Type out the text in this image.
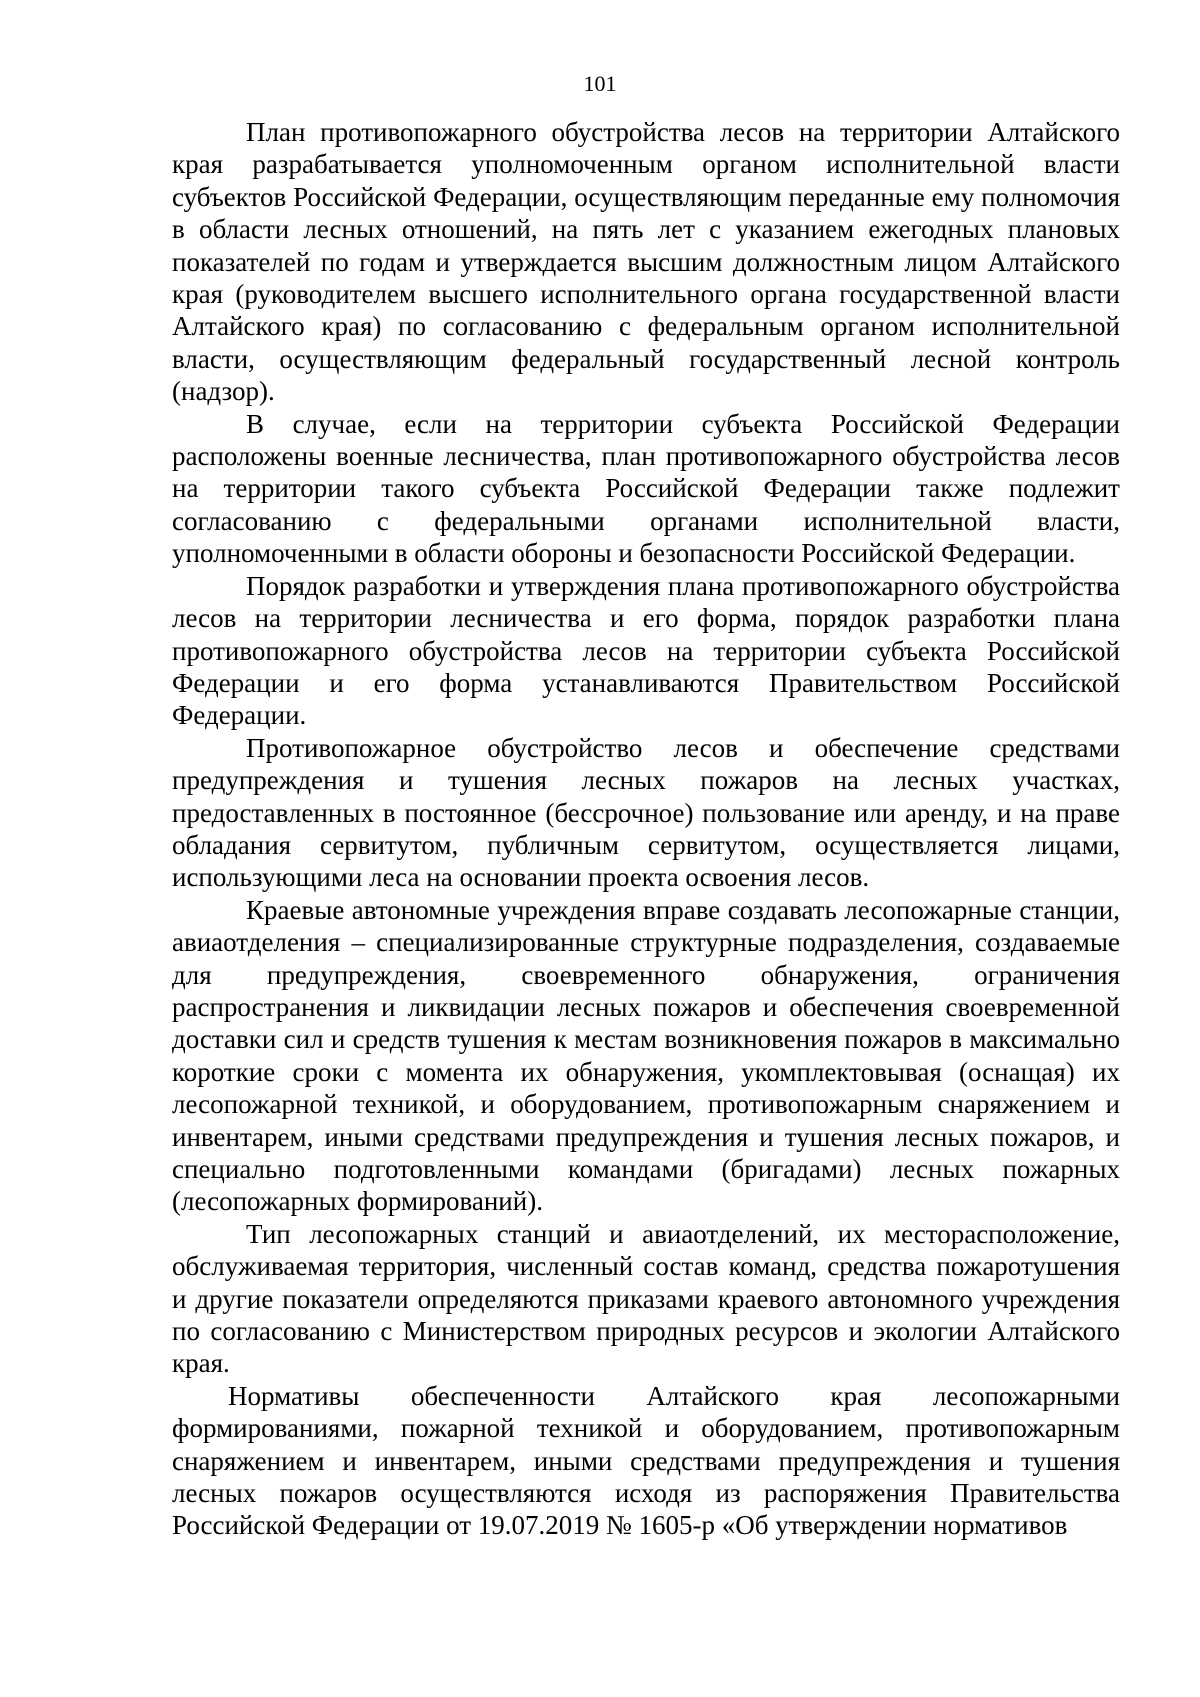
101

План противопожарного обустройства лесов на территории Алтайского края разрабатывается уполномоченным органом исполнительной власти субъектов Российской Федерации, осуществляющим переданные ему полномочия в области лесных отношений, на пять лет с указанием ежегодных плановых показателей по годам и утверждается высшим должностным лицом Алтайского края (руководителем высшего исполнительного органа государственной власти Алтайского края) по согласованию с федеральным органом исполнительной власти, осуществляющим федеральный государственный лесной контроль (надзор).

В случае, если на территории субъекта Российской Федерации расположены военные лесничества, план противопожарного обустройства лесов на территории такого субъекта Российской Федерации также подлежит согласованию с федеральными органами исполнительной власти, уполномоченными в области обороны и безопасности Российской Федерации.

Порядок разработки и утверждения плана противопожарного обустройства лесов на территории лесничества и его форма, порядок разработки плана противопожарного обустройства лесов на территории субъекта Российской Федерации и его форма устанавливаются Правительством Российской Федерации.

Противопожарное обустройство лесов и обеспечение средствами предупреждения и тушения лесных пожаров на лесных участках, предоставленных в постоянное (бессрочное) пользование или аренду, и на праве обладания сервитутом, публичным сервитутом, осуществляется лицами, использующими леса на основании проекта освоения лесов.

Краевые автономные учреждения вправе создавать лесопожарные станции, авиаотделения – специализированные структурные подразделения, создаваемые для предупреждения, своевременного обнаружения, ограничения распространения и ликвидации лесных пожаров и обеспечения своевременной доставки сил и средств тушения к местам возникновения пожаров в максимально короткие сроки с момента их обнаружения, укомплектовывая (оснащая) их лесопожарной техникой, и оборудованием, противопожарным снаряжением и инвентарем, иными средствами предупреждения и тушения лесных пожаров, и специально подготовленными командами (бригадами) лесных пожарных (лесопожарных формирований).

Тип лесопожарных станций и авиаотделений, их месторасположение, обслуживаемая территория, численный состав команд, средства пожаротушения и другие показатели определяются приказами краевого автономного учреждения по согласованию с Министерством природных ресурсов и экологии Алтайского края.

Нормативы обеспеченности Алтайского края лесопожарными формированиями, пожарной техникой и оборудованием, противопожарным снаряжением и инвентарем, иными средствами предупреждения и тушения лесных пожаров осуществляются исходя из распоряжения Правительства Российской Федерации от 19.07.2019 № 1605-р «Об утверждении нормативов
